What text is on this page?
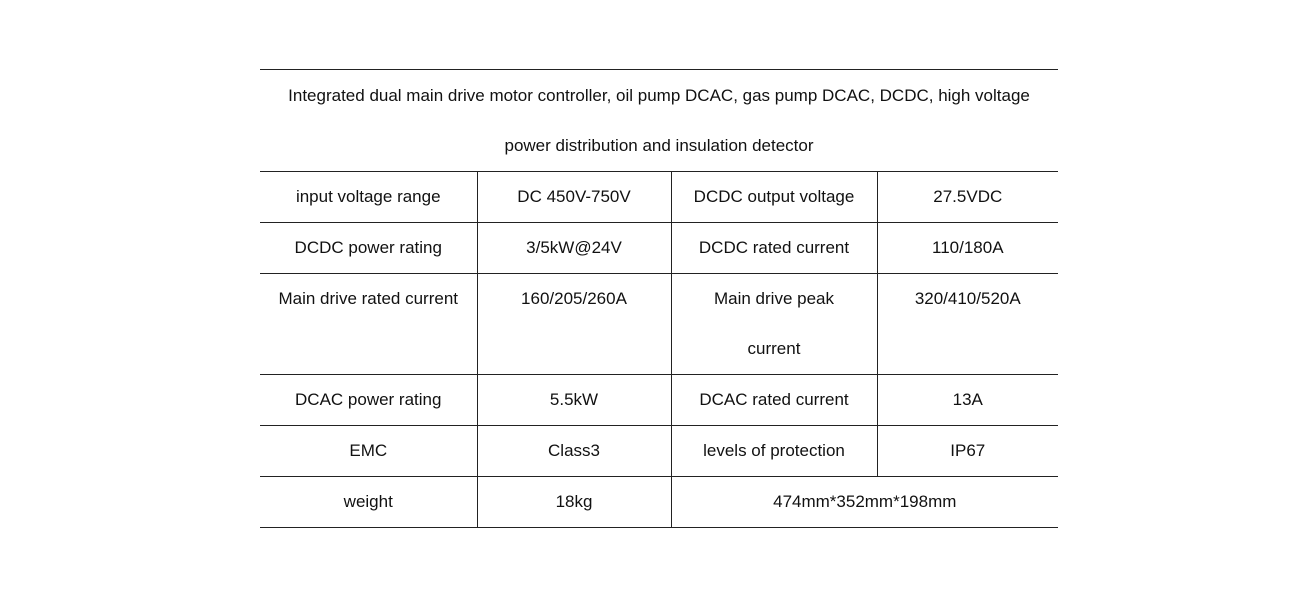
Integrated dual main drive motor controller, oil pump DCAC, gas pump DCAC, DCDC, high voltage power distribution and insulation detector			
input voltage range	DC 450V-750V	DCDC output voltage	27.5VDC
DCDC power rating	3/5kW@24V	DCDC rated current	110/180A
Main drive rated current	160/205/260A	Main drive peak current	320/410/520A
DCAC power rating	5.5kW	DCAC rated current	13A
EMC	Class3	levels of protection	IP67
weight	18kg	474mm*352mm*198mm	
